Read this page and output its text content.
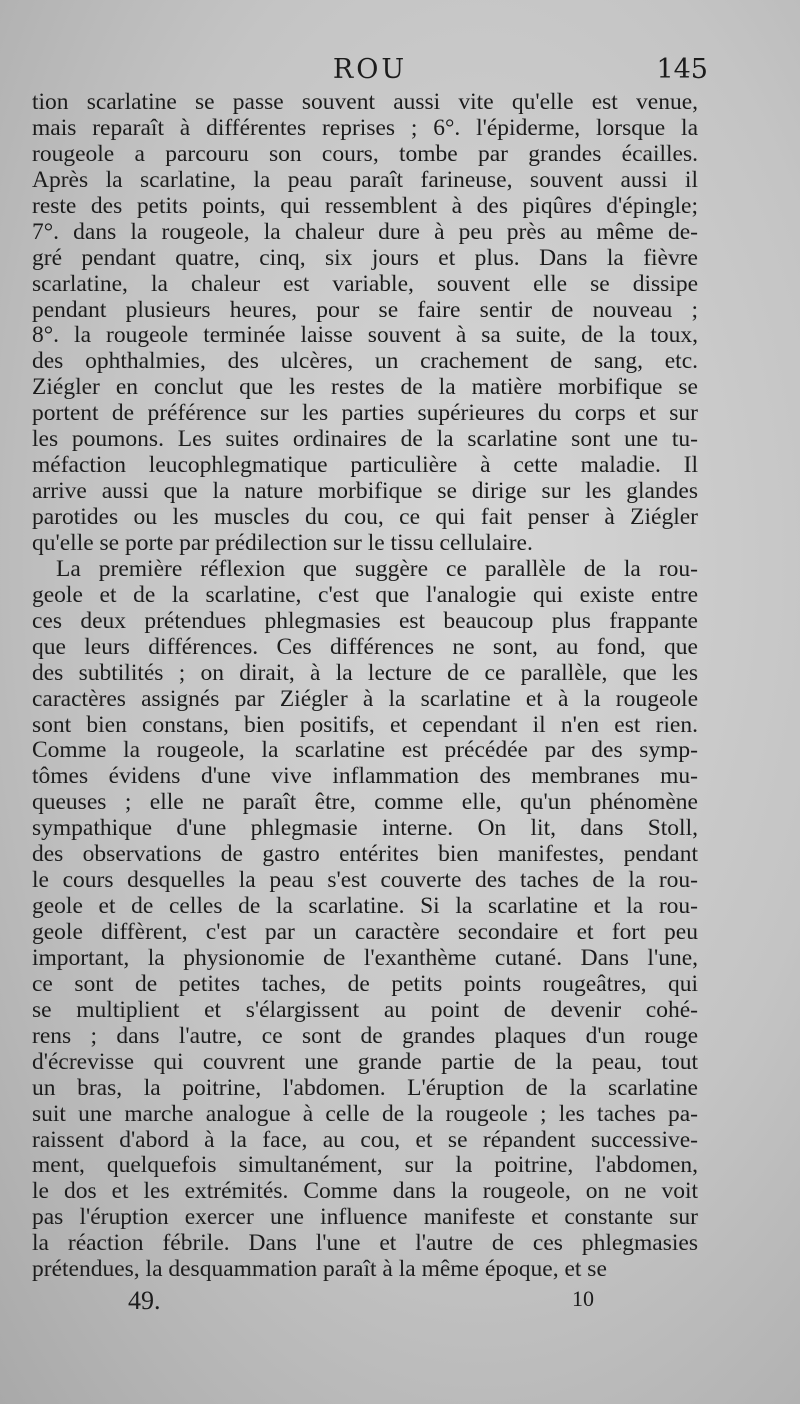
ROU	145
tion scarlatine se passe souvent aussi vite qu'elle est venue,
mais reparaît à différentes reprises ; 6°. l'épiderme, lorsque la
rougeole a parcouru son cours, tombe par grandes écailles.
Après la scarlatine, la peau paraît farineuse, souvent aussi il
reste des petits points, qui ressemblent à des piqûres d'épingle;
7°. dans la rougeole, la chaleur dure à peu près au même de-
gré pendant quatre, cinq, six jours et plus. Dans la fièvre
scarlatine, la chaleur est variable, souvent elle se dissipe
pendant plusieurs heures, pour se faire sentir de nouveau ;
8°. la rougeole terminée laisse souvent à sa suite, de la toux,
des ophthalmies, des ulcères, un crachement de sang, etc.
Ziégler en conclut que les restes de la matière morbifique se
portent de préférence sur les parties supérieures du corps et sur
les poumons. Les suites ordinaires de la scarlatine sont une tu-
méfaction leucophlegmatique particulière à cette maladie. Il
arrive aussi que la nature morbifique se dirige sur les glandes
parotides ou les muscles du cou, ce qui fait penser à Ziégler
qu'elle se porte par prédilection sur le tissu cellulaire.
La première réflexion que suggère ce parallèle de la rou-
geole et de la scarlatine, c'est que l'analogie qui existe entre
ces deux prétendues phlegmasies est beaucoup plus frappante
que leurs différences. Ces différences ne sont, au fond, que
des subtilités ; on dirait, à la lecture de ce parallèle, que les
caractères assignés par Ziégler à la scarlatine et à la rougeole
sont bien constans, bien positifs, et cependant il n'en est rien.
Comme la rougeole, la scarlatine est précédée par des symp-
tômes évidens d'une vive inflammation des membranes mu-
queuses ; elle ne paraît être, comme elle, qu'un phénomène
sympathique d'une phlegmasie interne. On lit, dans Stoll,
des observations de gastro entérites bien manifestes, pendant
le cours desquelles la peau s'est couverte des taches de la rou-
geole et de celles de la scarlatine. Si la scarlatine et la rou-
geole diffèrent, c'est par un caractère secondaire et fort peu
important, la physionomie de l'exanthème cutané. Dans l'une,
ce sont de petites taches, de petits points rougeâtres, qui
se multiplient et s'élargissent au point de devenir cohé-
rens ; dans l'autre, ce sont de grandes plaques d'un rouge
d'écrevisse qui couvrent une grande partie de la peau, tout
un bras, la poitrine, l'abdomen. L'éruption de la scarlatine
suit une marche analogue à celle de la rougeole ; les taches pa-
raissent d'abord à la face, au cou, et se répandent successive-
ment, quelquefois simultanément, sur la poitrine, l'abdomen,
le dos et les extrémités. Comme dans la rougeole, on ne voit
pas l'éruption exercer une influence manifeste et constante sur
la réaction fébrile. Dans l'une et l'autre de ces phlegmasies
prétendues, la desquammation paraît à la même époque, et se
49.	10
